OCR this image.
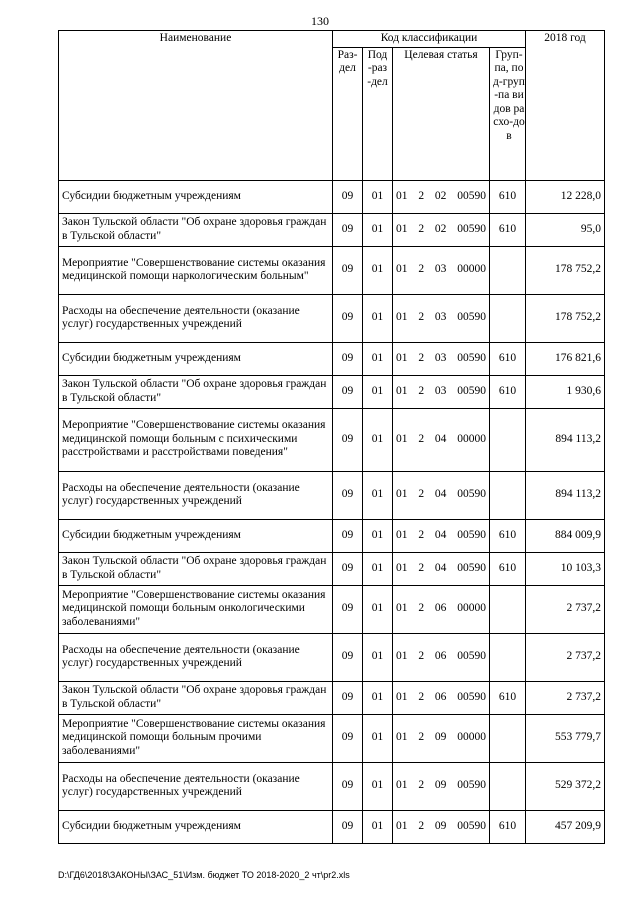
130
Наименование	Код классификации				2018 год

	Раз-дел	Под-раз-дел	Целевая статья	Груп-па, под-груп-па видов расхо-дов	

Субсидии бюджетным учреждениям	09	01	01 2 02 00590	610	12 228,0
Закон Тульской области "Об охране здоровья граждан в Тульской области"	09	01	01 2 02 00590	610	95,0
Мероприятие "Совершенствование системы оказания медицинской помощи наркологическим больным"	09	01	01 2 03 00000		178 752,2
Расходы на обеспечение деятельности (оказание услуг) государственных учреждений	09	01	01 2 03 00590		178 752,2
Субсидии бюджетным учреждениям	09	01	01 2 03 00590	610	176 821,6
Закон Тульской области "Об охране здоровья граждан в Тульской области"	09	01	01 2 03 00590	610	1 930,6
Мероприятие "Совершенствование системы оказания медицинской помощи больным с психическими расстройствами и расстройствами поведения"	09	01	01 2 04 00000		894 113,2
Расходы на обеспечение деятельности (оказание услуг) государственных учреждений	09	01	01 2 04 00590		894 113,2
Субсидии бюджетным учреждениям	09	01	01 2 04 00590	610	884 009,9
Закон Тульской области "Об охране здоровья граждан в Тульской области"	09	01	01 2 04 00590	610	10 103,3
Мероприятие "Совершенствование системы оказания медицинской помощи больным онкологическими заболеваниями"	09	01	01 2 06 00000		2 737,2
Расходы на обеспечение деятельности (оказание услуг) государственных учреждений	09	01	01 2 06 00590		2 737,2
Закон Тульской области "Об охране здоровья граждан в Тульской области"	09	01	01 2 06 00590	610	2 737,2
Мероприятие "Совершенствование системы оказания медицинской помощи больным прочими заболеваниями"	09	01	01 2 09 00000		553 779,7
Расходы на обеспечение деятельности (оказание услуг) государственных учреждений	09	01	01 2 09 00590		529 372,2
Субсидии бюджетным учреждениям	09	01	01 2 09 00590	610	457 209,9
D:\ГД6\2018\ЗАКОНЫ\ЗАС_51\Изм. бюджет ТО 2018-2020_2 чт\pr2.xls
